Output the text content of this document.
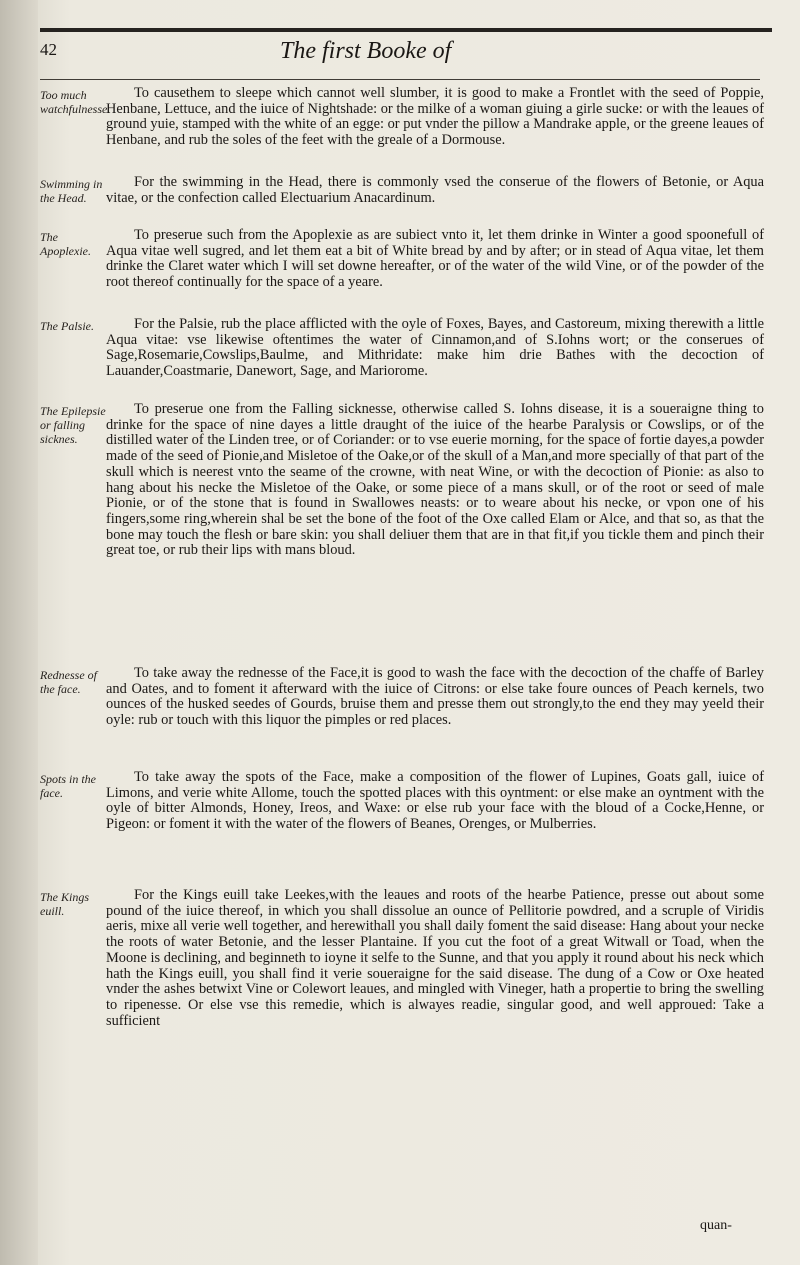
42	The first Booke of
Too much watchfulnesse.

To causethem to sleepe which cannot well slumber, it is good to make a Frontlet with the seed of Poppie, Henbane, Lettuce, and the iuice of Nightshade: or the milke of a woman giuing a girle sucke: or with the leaues of ground yuie, stamped with the white of an egge: or put vnder the pillow a Mandrake apple, or the greene leaues of Henbane, and rub the soles of the feet with the greale of a Dormouse.

Swimming in the Head.

For the swimming in the Head, there is commonly vsed the conserue of the flowers of Betonie, or Aqua vitae, or the confection called Electuarium Anacardinum.

The Apoplexie.

To preserue such from the Apoplexie as are subiect vnto it, let them drinke in Winter a good spoonefull of Aqua vitae well sugred, and let them eat a bit of White bread by and by after; or in stead of Aqua vitae, let them drinke the Claret water which I will set downe hereafter, or of the water of the wild Vine, or of the powder of the root thereof continually for the space of a yeare.

The Palsie.	For the Palsie, rub the place afflicted with the oyle of Foxes, Bayes, and Castoreum, mixing therewith a little Aqua vitae: vse likewise oftentimes the water of Cinnamon,and of S.Iohns wort; or the conserues of Sage,Rosemarie,Cowslips,Baulme, and Mithridate: make him drie Bathes with the decoction of Lauander,Coastmarie, Danewort, Sage, and Mariorome.

The Epilepsie or falling sicknes.

To preserue one from the Falling sicknesse, otherwise called S. Iohns disease, it is a soueraigne thing to drinke for the space of nine dayes a little draught of the iuice of the hearbe Paralysis or Cowslips, or of the distilled water of the Linden tree, or of Coriander: or to vse euerie morning, for the space of fortie dayes,a powder made of the seed of Pionie,and Misletoe of the Oake,or of the skull of a Man,and more specially of that part of the skull which is neerest vnto the seame of the crowne, with neat Wine, or with the decoction of Pionie: as also to hang about his necke the Misletoe of the Oake, or some piece of a mans skull, or of the root or seed of male Pionie, or of the stone that is found in Swallowes neasts: or to weare about his necke, or vpon one of his fingers,some ring,wherein shal be set the bone of the foot of the Oxe called Elam or Alce, and that so, as that the bone may touch the flesh or bare skin: you shall deliuer them that are in that fit,if you tickle them and pinch their great toe, or rub their lips with mans bloud.

Rednesse of the face.

To take away the rednesse of the Face,it is good to wash the face with the decoction of the chaffe of Barley and Oates, and to foment it afterward with the iuice of Citrons: or else take foure ounces of Peach kernels, two ounces of the husked seedes of Gourds, bruise them and presse them out strongly,to the end they may yeeld their oyle: rub or touch with this liquor the pimples or red places.

Spots in the face.

To take away the spots of the Face, make a composition of the flower of Lupines, Goats gall, iuice of Limons, and verie white Allome, touch the spotted places with this oyntment: or else make an oyntment with the oyle of bitter Almonds, Honey, Ireos, and Waxe: or else rub your face with the bloud of a Cocke,Henne, or Pigeon: or foment it with the water of the flowers of Beanes, Orenges, or Mulberries.

The Kings euill.

For the Kings euill take Leekes,with the leaues and roots of the hearbe Patience, presse out about some pound of the iuice thereof, in which you shall dissolue an ounce of Pellitorie powdred, and a scruple of Viridis aeris, mixe all verie well together, and herewithall you shall daily foment the said disease: Hang about your necke the roots of water Betonie, and the lesser Plantaine. If you cut the foot of a great Witwall or Toad, when the Moone is declining, and beginneth to ioyne it selfe to the Sunne, and that you apply it round about his neck which hath the Kings euill, you shall find it verie soueraigne for the said disease. The dung of a Cow or Oxe heated vnder the ashes betwixt Vine or Colewort leaues, and mingled with Vineger, hath a propertie to bring the swelling to ripenesse. Or else vse this remedie, which is alwayes readie, singular good, and well approued: Take a sufficient

quan-
